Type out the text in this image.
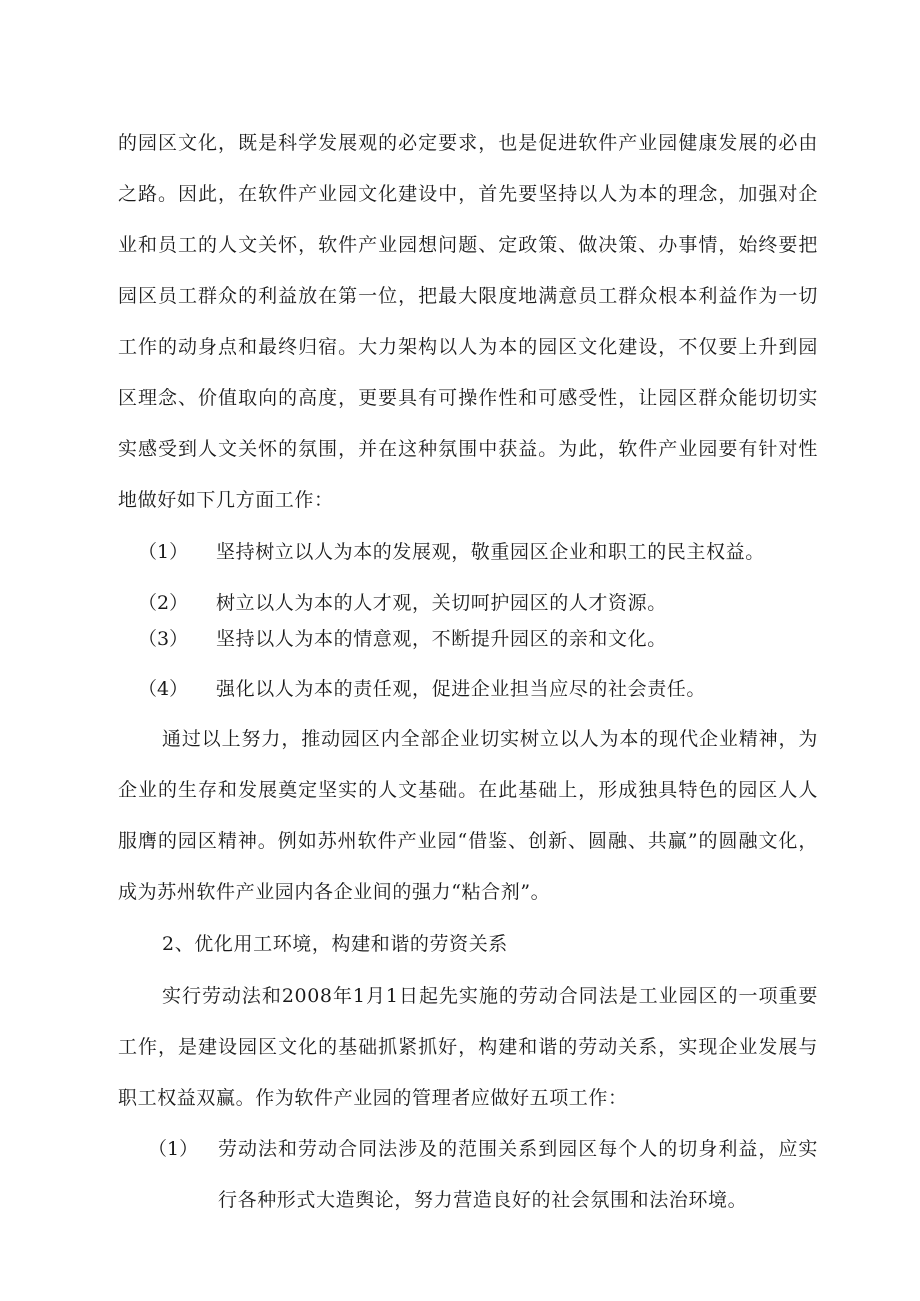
的园区文化，既是科学发展观的必定要求，也是促进软件产业园健康发展的必由
之路。因此，在软件产业园文化建设中，首先要坚持以人为本的理念，加强对企
业和员工的人文关怀，软件产业园想问题、定政策、做决策、办事情，始终要把
园区员工群众的利益放在第一位，把最大限度地满意员工群众根本利益作为一切
工作的动身点和最终归宿。大力架构以人为本的园区文化建设，不仅要上升到园
区理念、价值取向的高度，更要具有可操作性和可感受性，让园区群众能切切实
实感受到人文关怀的氛围，并在这种氛围中获益。为此，软件产业园要有针对性
地做好如下几方面工作：
（1） 坚持树立以人为本的发展观，敬重园区企业和职工的民主权益。
（2） 树立以人为本的人才观，关切呵护园区的人才资源。
（3） 坚持以人为本的情意观，不断提升园区的亲和文化。
（4） 强化以人为本的责任观，促进企业担当应尽的社会责任。
通过以上努力，推动园区内全部企业切实树立以人为本的现代企业精神，为
企业的生存和发展奠定坚实的人文基础。在此基础上，形成独具特色的园区人人
服膺的园区精神。例如苏州软件产业园“借鉴、创新、圆融、共赢”的圆融文化，
成为苏州软件产业园内各企业间的强力“粘合剂”。
2、优化用工环境，构建和谐的劳资关系
实行劳动法和2008年1月1日起先实施的劳动合同法是工业园区的一项重要
工作，是建设园区文化的基础抓紧抓好，构建和谐的劳动关系，实现企业发展与
职工权益双赢。作为软件产业园的管理者应做好五项工作：
（1） 劳动法和劳动合同法涉及的范围关系到园区每个人的切身利益，应实
行各种形式大造舆论，努力营造良好的社会氛围和法治环境。
